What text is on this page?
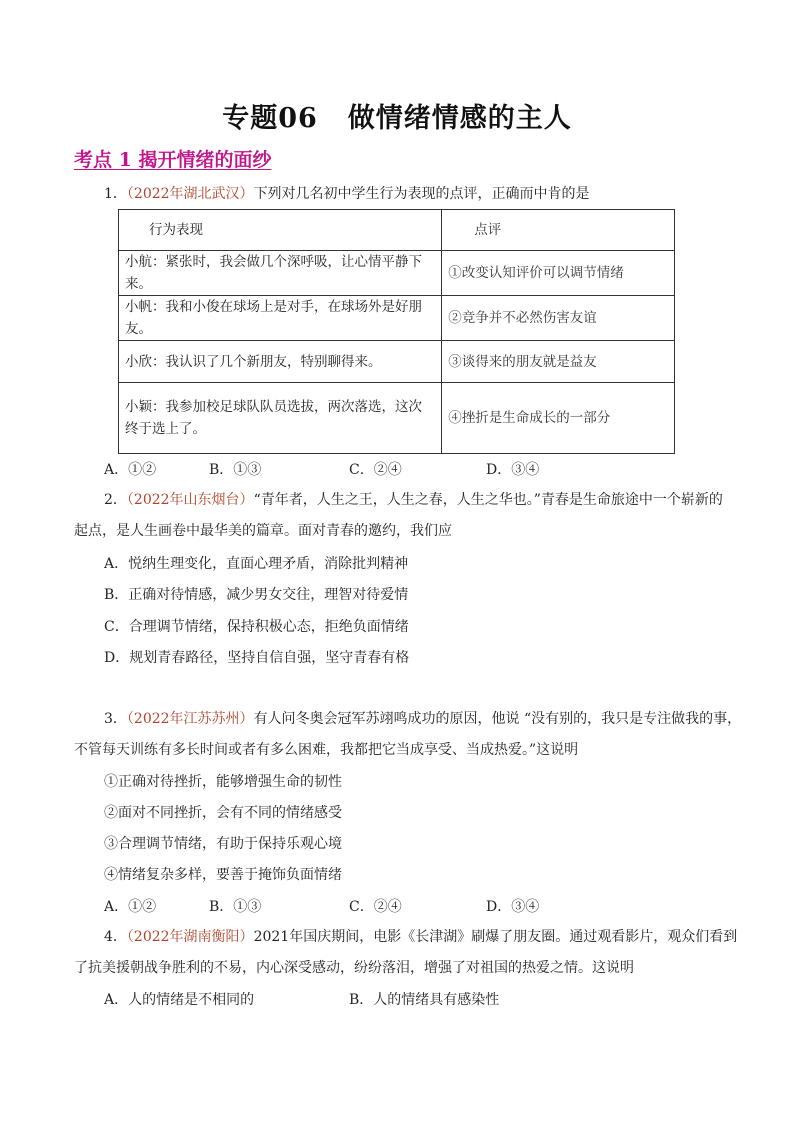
专题06 做情绪情感的主人
考点 1 揭开情绪的面纱
1．（2022年湖北武汉）下列对几名初中学生行为表现的点评，正确而中肯的是
行为表现	点评
小航：紧张时，我会做几个深呼吸，让心情平静下来。	①改变认知评价可以调节情绪
小帆：我和小俊在球场上是对手，在球场外是好朋友。	②竞争并不必然伤害友谊
小欣：我认识了几个新朋友，特别聊得来。	③谈得来的朋友就是益友
小颖：我参加校足球队队员选拔，两次落选，这次终于选上了。	④挫折是生命成长的一部分
A．①②	B．①③	C．②④	D．③④
2．（2022年山东烟台）“青年者，人生之王，人生之春，人生之华也。”青春是生命旅途中一个崭新的
起点，是人生画卷中最华美的篇章。面对青春的邀约，我们应
A．悦纳生理变化，直面心理矛盾，消除批判精神
B．正确对待情感，减少男女交往，理智对待爱情
C．合理调节情绪，保持积极心态，拒绝负面情绪
D．规划青春路径，坚持自信自强，坚守青春有格
3．（2022年江苏苏州）有人问冬奥会冠军苏翊鸣成功的原因，他说 “没有别的，我只是专注做我的事，
不管每天训练有多长时间或者有多么困难，我都把它当成享受、当成热爱。”这说明
①正确对待挫折，能够增强生命的韧性
②面对不同挫折，会有不同的情绪感受
③合理调节情绪，有助于保持乐观心境
④情绪复杂多样，要善于掩饰负面情绪
A．①②	B．①③	C．②④	D．③④
4．（2022年湖南衡阳）2021年国庆期间，电影《长津湖》刷爆了朋友圈。通过观看影片，观众们看到
了抗美援朝战争胜利的不易，内心深受感动，纷纷落泪，增强了对祖国的热爱之情。这说明
A．人的情绪是不相同的	B．人的情绪具有感染性
